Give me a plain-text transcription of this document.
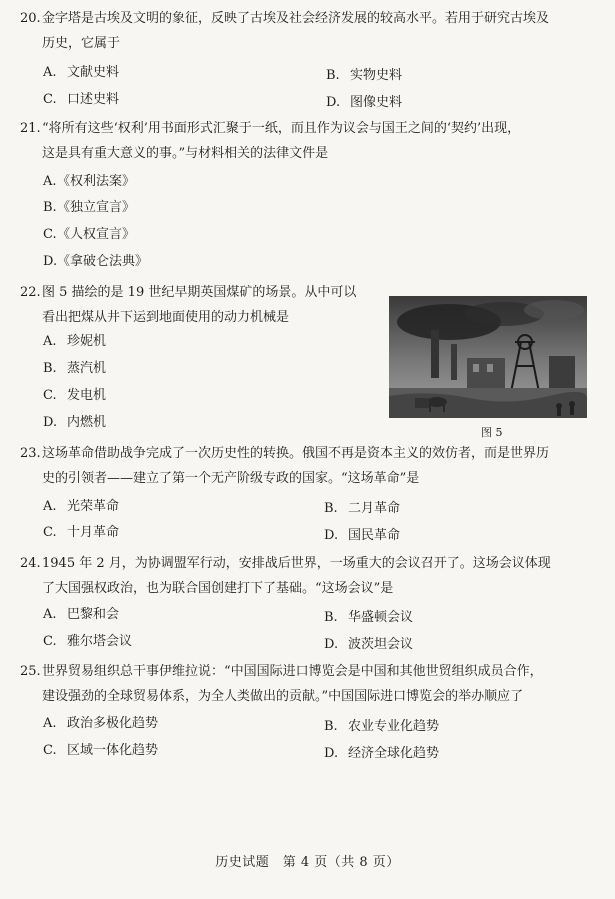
20.金字塔是古埃及文明的象征，反映了古埃及社会经济发展的较高水平。若用于研究古埃及
历史，它属于
A. 文献史料	B. 实物史料
C. 口述史料	D. 图像史料
21.“将所有这些‘权利’用书面形式汇聚于一纸，而且作为议会与国王之间的‘契约’出现，
这是具有重大意义的事。”与材料相关的法律文件是
A.《权利法案》
B.《独立宣言》
C.《人权宣言》
D.《拿破仑法典》
22.图 5 描绘的是 19 世纪早期英国煤矿的场景。从中可以
看出把煤从井下运到地面使用的动力机械是
A. 珍妮机
B. 蒸汽机
C. 发电机
D. 内燃机
图 5
23.这场革命借助战争完成了一次历史性的转换。俄国不再是资本主义的效仿者，而是世界历
史的引领者——建立了第一个无产阶级专政的国家。“这场革命”是
A. 光荣革命	B. 二月革命
C. 十月革命	D. 国民革命
24.1945 年 2 月，为协调盟军行动，安排战后世界，一场重大的会议召开了。这场会议体现
了大国强权政治，也为联合国创建打下了基础。“这场会议”是
A. 巴黎和会	B. 华盛顿会议
C. 雅尔塔会议	D. 波茨坦会议
25.世界贸易组织总干事伊维拉说：“中国国际进口博览会是中国和其他世贸组织成员合作，
建设强劲的全球贸易体系，为全人类做出的贡献。”中国国际进口博览会的举办顺应了
A. 政治多极化趋势	B. 农业专业化趋势
C. 区域一体化趋势	D. 经济全球化趋势
历史试题　第 4 页（共 8 页）
